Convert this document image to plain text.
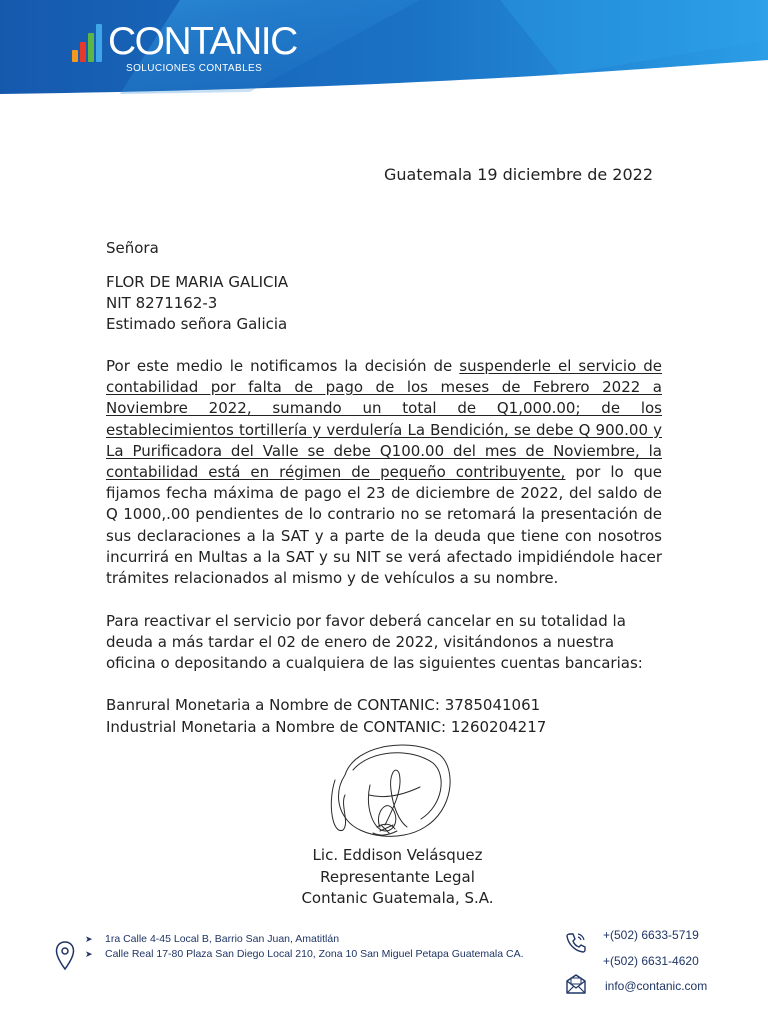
CONTANIC
SOLUCIONES CONTABLES
Guatemala 19 diciembre de 2022
Señora
FLOR DE MARIA GALICIA
NIT 8271162-3
Estimado señora Galicia
Por este medio le notificamos la decisión de suspenderle el servicio de contabilidad por falta de pago de los meses de Febrero 2022 a Noviembre 2022, sumando un total de Q1,000.00; de los establecimientos tortillería y verdulería La Bendición, se debe Q 900.00 y La Purificadora del Valle se debe Q100.00 del mes de Noviembre, la contabilidad está en régimen de pequeño contribuyente, por lo que fijamos fecha máxima de pago el 23 de diciembre de 2022, del saldo de Q 1000,.00 pendientes de lo contrario no se retomará la presentación de sus declaraciones a la SAT y a parte de la deuda que tiene con nosotros incurrirá en Multas a la SAT y su NIT se verá afectado impidiéndole hacer trámites relacionados al mismo y de vehículos a su nombre.
Para reactivar el servicio por favor deberá cancelar en su totalidad la deuda a más tardar el 02 de enero de 2022, visitándonos a nuestra oficina o depositando a cualquiera de las siguientes cuentas bancarias:
Banrural Monetaria a Nombre de CONTANIC: 3785041061
Industrial Monetaria a Nombre de CONTANIC: 1260204217
Lic. Eddison Velásquez
Representante Legal
Contanic Guatemala, S.A.
➤ 1ra Calle 4-45 Local B, Barrio San Juan, Amatitlán
➤ Calle Real 17-80 Plaza San Diego Local 210, Zona 10 San Miguel Petapa Guatemala CA.
+(502) 6633-5719
+(502) 6631-4620
info@contanic.com
